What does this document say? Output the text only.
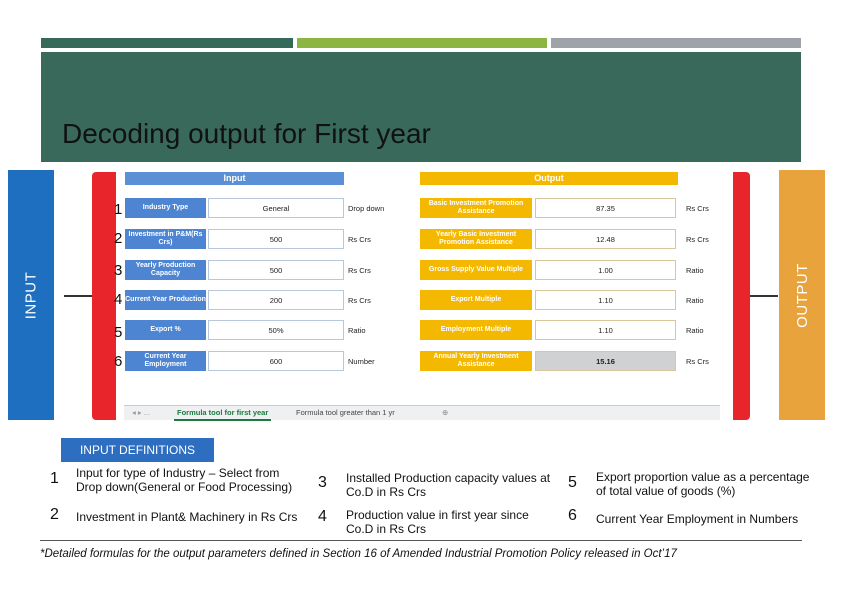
Decoding output for First year
INPUT	OUTPUT
Input	Output
1
2
3
4
5
6
Industry Type	General	Drop down
Investment in P&M(Rs Crs)	500	Rs Crs
Yearly Production Capacity	500	Rs Crs
Current Year Production	200	Rs Crs
Export %	50%	Ratio
Current Year Employment	600	Number
Basic Investment Promotion Assistance	87.35	Rs Crs
Yearly Basic Investment Promotion Assistance	12.48	Rs Crs
Gross Supply Value Multiple	1.00	Ratio
Export Multiple	1.10	Ratio
Employment Multiple	1.10	Ratio
Annual Yearly Investment Assistance	15.16	Rs Crs
◂ ▸ ...	Formula tool for first year	Formula tool greater than 1 yr	⊕
INPUT DEFINITIONS
1 Input for type of Industry – Select from Drop down(General or Food Processing)
2 Investment in Plant& Machinery in Rs Crs
3 Installed Production capacity values at Co.D in Rs Crs
4 Production value in first year since Co.D in Rs Crs
5 Export proportion value as a percentage of total value of goods (%)
6 Current Year Employment in Numbers
*Detailed formulas for the output parameters defined in Section 16 of Amended Industrial Promotion Policy released in Oct’17
